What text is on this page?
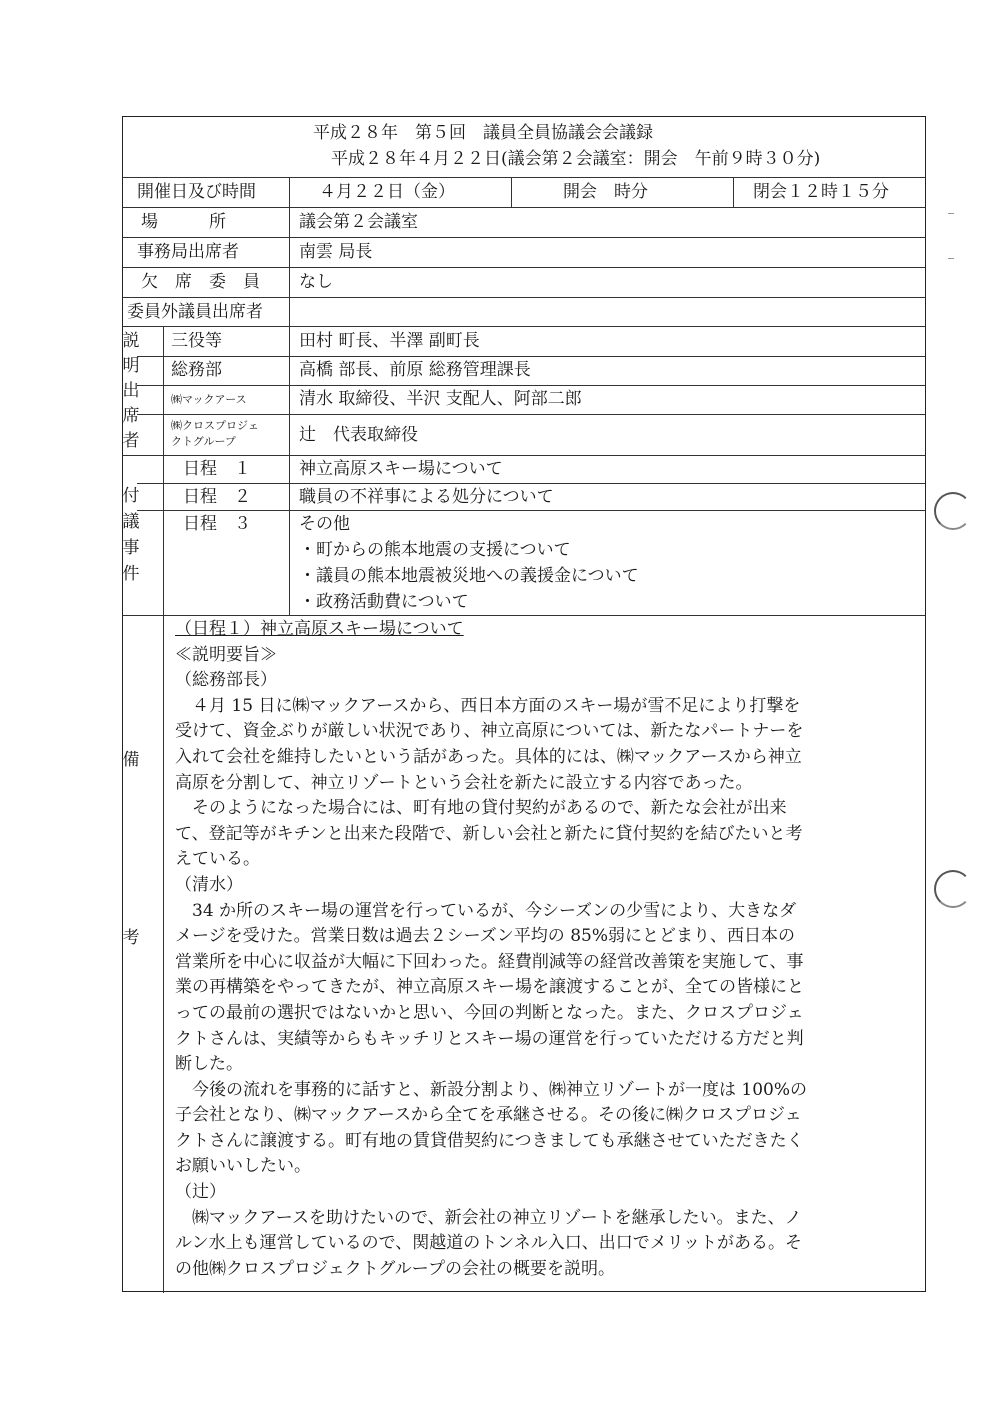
平成２８年　第５回　議員全員協議会会議録
平成２８年４月２２日(議会第２会議室：開会　午前９時３０分)
開催日及び時間	４月２２日（金）	開会　時分	閉会１２時１５分
場　　　所	議会第２会議室
事務局出席者	南雲 局長
欠　席　委　員 なし
委員外議員出席者
説
明
出
席
者
三役等	田村 町長、半澤 副町長
総務部	高橋 部長、前原 総務管理課長
㈱マックアース	清水 取締役、半沢 支配人、阿部二郎
㈱クロスプロジェ
クトグループ	辻　代表取締役
付
議
事
件
日程　１	神立高原スキー場について
日程　２	職員の不祥事による処分について
日程　３	その他
・町からの熊本地震の支援について
・議員の熊本地震被災地への義援金について
・政務活動費について
備
考
（日程１）神立高原スキー場について
≪説明要旨≫
（総務部長）
　４月 15 日に㈱マックアースから、西日本方面のスキー場が雪不足により打撃を
受けて、資金ぶりが厳しい状況であり、神立高原については、新たなパートナーを
入れて会社を維持したいという話があった。具体的には、㈱マックアースから神立
高原を分割して、神立リゾートという会社を新たに設立する内容であった。
　そのようになった場合には、町有地の貸付契約があるので、新たな会社が出来
て、登記等がキチンと出来た段階で、新しい会社と新たに貸付契約を結びたいと考
えている。
（清水）
　34 か所のスキー場の運営を行っているが、今シーズンの少雪により、大きなダ
メージを受けた。営業日数は過去２シーズン平均の 85%弱にとどまり、西日本の
営業所を中心に収益が大幅に下回わった。経費削減等の経営改善策を実施して、事
業の再構築をやってきたが、神立高原スキー場を譲渡することが、全ての皆様にと
っての最前の選択ではないかと思い、今回の判断となった。また、クロスプロジェ
クトさんは、実績等からもキッチリとスキー場の運営を行っていただける方だと判
断した。
　今後の流れを事務的に話すと、新設分割より、㈱神立リゾートが一度は 100%の
子会社となり、㈱マックアースから全てを承継させる。その後に㈱クロスプロジェ
クトさんに譲渡する。町有地の賃貸借契約につきましても承継させていただきたく
お願いいしたい。
（辻）
　㈱マックアースを助けたいので、新会社の神立リゾートを継承したい。また、ノ
ルン水上も運営しているので、関越道のトンネル入口、出口でメリットがある。そ
の他㈱クロスプロジェクトグループの会社の概要を説明。
